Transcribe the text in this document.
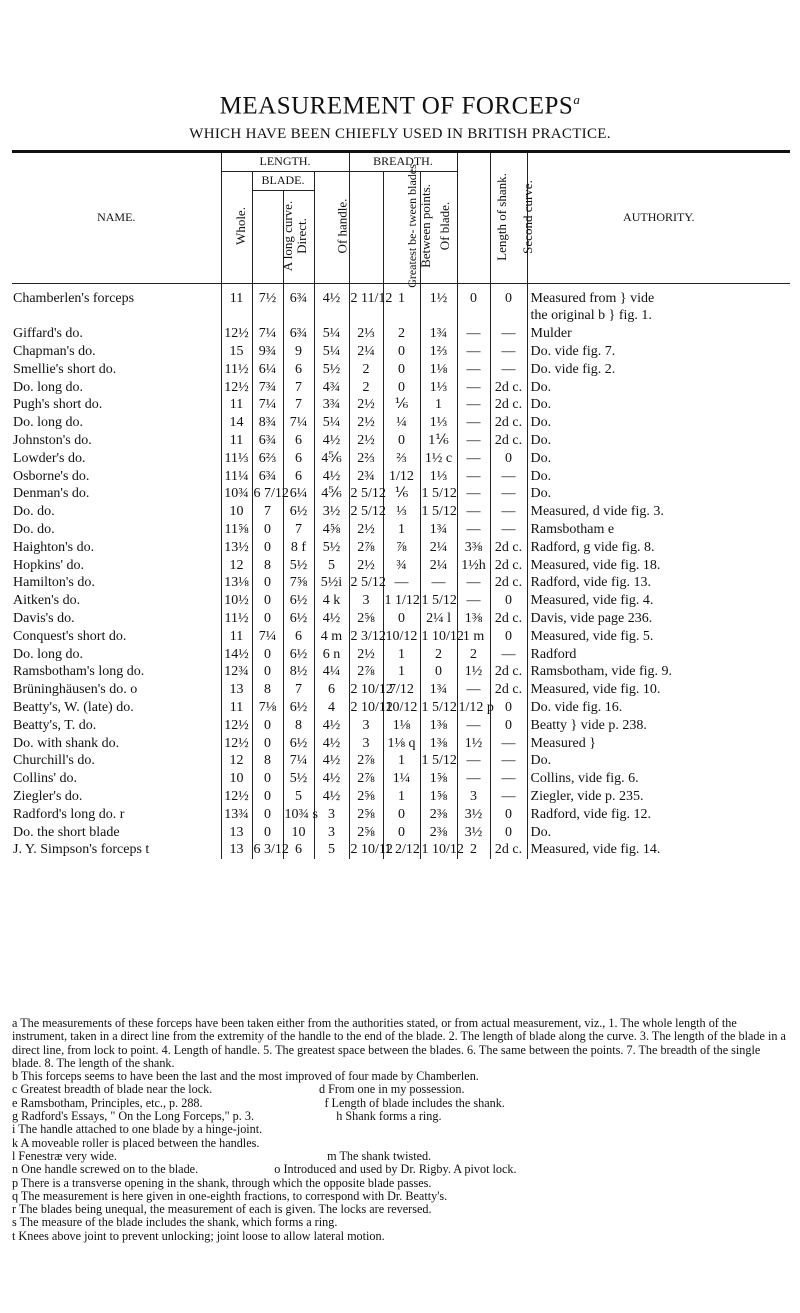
MEASUREMENT OF FORCEPS$^a$
WHICH HAVE BEEN CHIEFLY USED IN BRITISH PRACTICE.
NAME.	LENGTH.				BREADTH.			Length of shank.	Second curve.	AUTHORITY.
	Whole.	BLADE.		Of handle.	Greatest be- tween blades	Between points.	Of blade.			
		A long curve.	Direct.							
Chamberlen's forceps	11	7½	6¾	4½	2 11/12	1	1½	0	0	Measured from } vide
										the original b } fig. 1.
Giffard's do.	12½	7¼	6¾	5¼	2⅓	2	1¾	—	—	Mulder
Chapman's do.	15	9¾	9	5¼	2¼	0	1⅔	—	—	Do. vide fig. 7.
Smellie's short do.	11½	6¼	6	5½	2	0	1⅛	—	—	Do. vide fig. 2.
Do. long do.	12½	7¾	7	4¾	2	0	1⅓	—	2d c.	Do.
Pugh's short do.	11	7¼	7	3¾	2½	⅙	1	—	2d c.	Do.
Do. long do.	14	8¾	7¼	5¼	2½	¼	1⅓	—	2d c.	Do.
Johnston's do.	11	6¾	6	4½	2½	0	1⅙	—	2d c.	Do.
Lowder's do.	11⅓	6⅔	6	4⅚	2⅔	⅔	1½ c	—	0	Do.
Osborne's do.	11¼	6¾	6	4½	2¾	1/12	1⅓	—	—	Do.
Denman's do.	10¾	6 7/12	6¼	4⅚	2 5/12	⅙	1 5/12	—	—	Do.
Do. do.	10	7	6½	3½	2 5/12	⅓	1 5/12	—	—	Measured, d vide fig. 3.
Do. do.	11⅝	0	7	4⅝	2½	1	1¾	—	—	Ramsbotham e
Haighton's do.	13½	0	8 f	5½	2⅞	⅞	2¼	3⅜	2d c.	Radford, g vide fig. 8.
Hopkins' do.	12	8	5½	5	2½	¾	2¼	1½h	2d c.	Measured, vide fig. 18.
Hamilton's do.	13⅛	0	7⅝	5½i	2 5/12	—	—	—	2d c.	Radford, vide fig. 13.
Aitken's do.	10½	0	6½	4 k	3	1 1/12	1 5/12	—	0	Measured, vide fig. 4.
Davis's do.	11½	0	6½	4½	2⅝	0	2¼ l	1⅜	2d c.	Davis, vide page 236.
Conquest's short do.	11	7¼	6	4 m	2 3/12	10/12	1 10/12	1 m	0	Measured, vide fig. 5.
Do. long do.	14½	0	6½	6 n	2½	1	2	2	—	Radford
Ramsbotham's long do.	12¾	0	8½	4¼	2⅞	1	0	1½	2d c.	Ramsbotham, vide fig. 9.
Brüninghäusen's do. o	13	8	7	6	2 10/12	7/12	1¾	—	2d c.	Measured, vide fig. 10.
Beatty's, W. (late) do.	11	7⅛	6½	4	2 10/12	10/12	1 5/12	1/12 p	0	Do. vide fig. 16.
Beatty's, T. do.	12½	0	8	4½	3	1⅛	1⅜	—	0	Beatty } vide p. 238.
Do. with shank do.	12½	0	6½	4½	3	1⅛ q	1⅜	1½	—	Measured }
Churchill's do.	12	8	7¼	4½	2⅞	1	1 5/12	—	—	Do.
Collins' do.	10	0	5½	4½	2⅞	1¼	1⅝	—	—	Collins, vide fig. 6.
Ziegler's do.	12½	0	5	4½	2⅝	1	1⅝	3	—	Ziegler, vide p. 235.
Radford's long do. r	13¾	0	10¾ s	3	2⅝	0	2⅜	3½	0	Radford, vide fig. 12.
Do. the short blade	13	0	10	3	2⅝	0	2⅜	3½	0	Do.
J. Y. Simpson's forceps t	13	6 3/12	6	5	2 10/12	1 2/12	1 10/12	2	2d c.	Measured, vide fig. 14.

a The measurements of these forceps have been taken either from the authorities stated, or from actual measurement, viz., 1. The whole length of the instrument, taken in a direct line from the extremity of the handle to the end of the blade. 2. The length of blade along the curve. 3. The length of the blade in a direct line, from lock to point. 4. Length of handle. 5. The greatest space between the blades. 6. The same between the points. 7. The breadth of the single blade. 8. The length of the shank.

b This forceps seems to have been the last and the most improved of four made by Chamberlen.

c Greatest breadth of blade near the lock.                                   d From one in my possession.

e Ramsbotham, Principles, etc., p. 288.                                        f Length of blade includes the shank.

g Radford's Essays, " On the Long Forceps," p. 3.                           h Shank forms a ring.

i The handle attached to one blade by a hinge-joint.

k A moveable roller is placed between the handles.

l Fenestræ very wide.                                                                     m The shank twisted.

n One handle screwed on to the blade.                         o Introduced and used by Dr. Rigby. A pivot lock.

p There is a transverse opening in the shank, through which the opposite blade passes.

q The measurement is here given in one-eighth fractions, to correspond with Dr. Beatty's.

r The blades being unequal, the measurement of each is given. The locks are reversed.

s The measure of the blade includes the shank, which forms a ring.

t Knees above joint to prevent unlocking; joint loose to allow lateral motion.
